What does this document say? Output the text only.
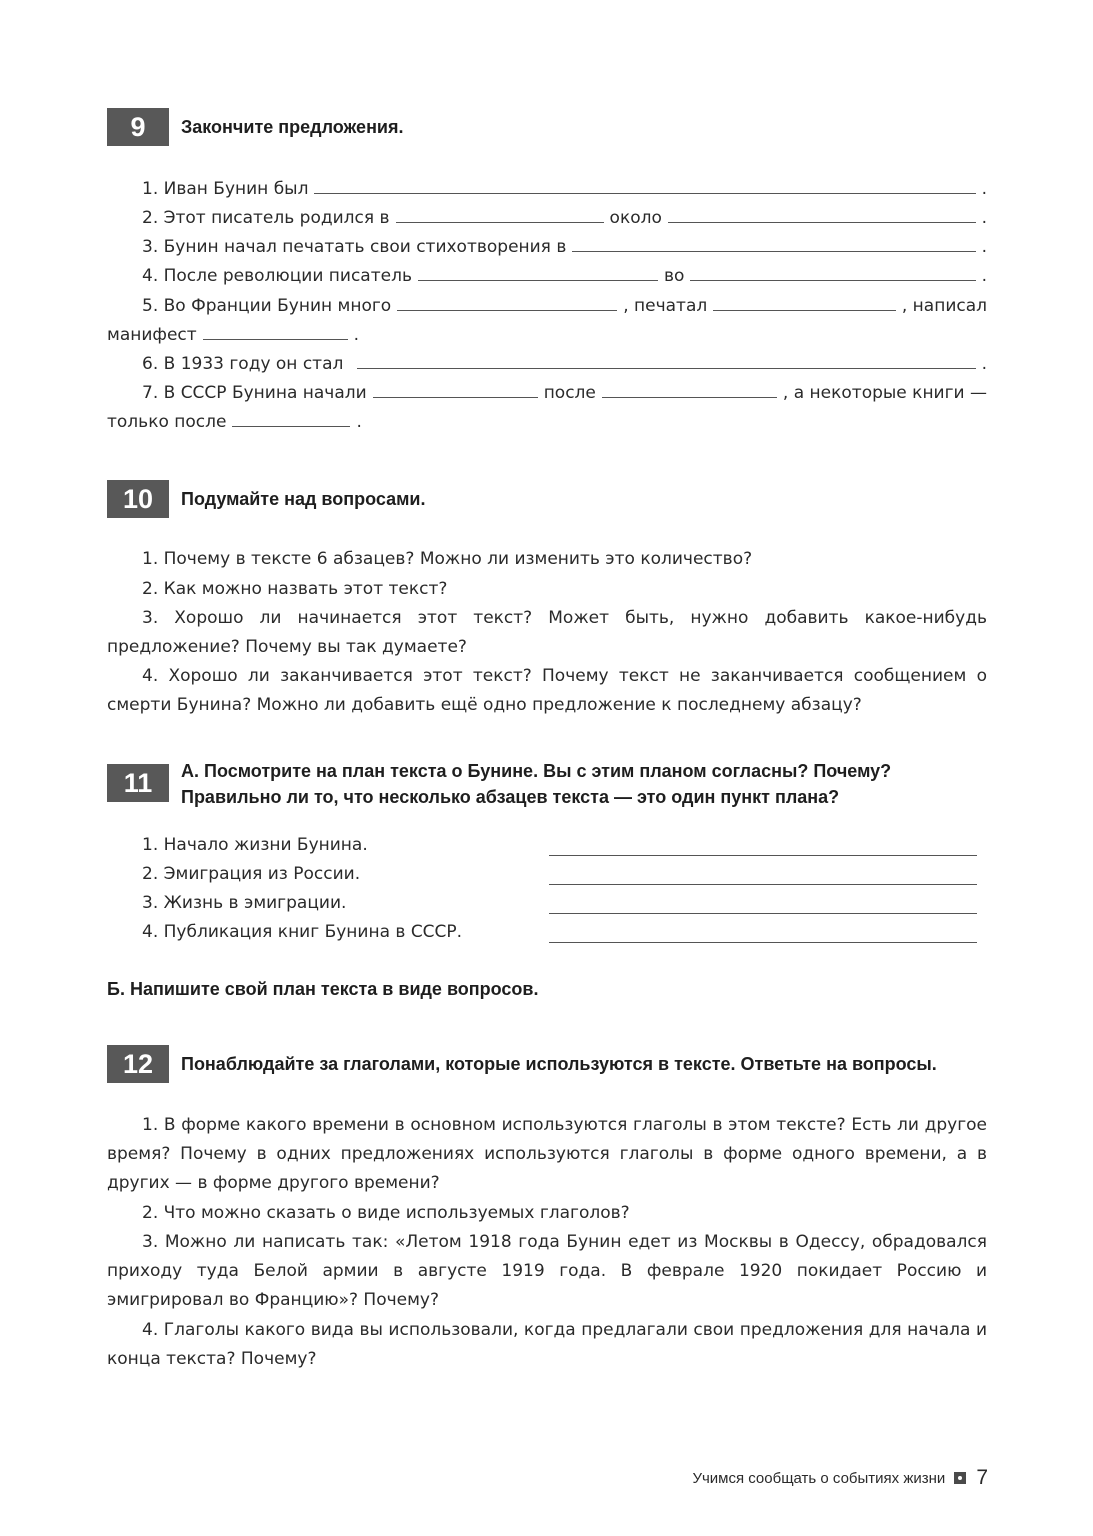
9	Закончите предложения.
1. Иван Бунин был	.
2. Этот писатель родился в	около	.
3. Бунин начал печатать свои стихотворения в	.
4. После революции писатель	во	.
5. Во Франции Бунин много	, печатал	, написал
манифест	.
6. В 1933 году он стал	.
7. В СССР Бунина начали	после	, а некоторые книги —
только после	.
10	Подумайте над вопросами.
1. Почему в тексте 6 абзацев? Можно ли изменить это количество?
2. Как можно назвать этот текст?
3. Хорошо ли начинается этот текст? Может быть, нужно добавить какое-нибудь предложение? Почему вы так думаете?
4. Хорошо ли заканчивается этот текст? Почему текст не заканчивается сообщением о смерти Бунина? Можно ли добавить ещё одно предложение к последнему абзацу?
11	А. Посмотрите на план текста о Бунине. Вы с этим планом согласны? Почему? Правильно ли то, что несколько абзацев текста — это один пункт плана?
1. Начало жизни Бунина.
2. Эмиграция из России.
3. Жизнь в эмиграции.
4. Публикация книг Бунина в СССР.
Б. Напишите свой план текста в виде вопросов.
12	Понаблюдайте за глаголами, которые используются в тексте. Ответьте на вопросы.
1. В форме какого времени в основном используются глаголы в этом тексте? Есть ли другое время? Почему в одних предложениях используются глаголы в форме одного времени, а в других — в форме другого времени?
2. Что можно сказать о виде используемых глаголов?
3. Можно ли написать так: «Летом 1918 года Бунин едет из Москвы в Одессу, обрадовался приходу туда Белой армии в августе 1919 года. В феврале 1920 покидает Россию и эмигрировал во Францию»? Почему?
4. Глаголы какого вида вы использовали, когда предлагали свои предложения для начала и конца текста? Почему?
Учимся сообщать о событиях жизни 7
